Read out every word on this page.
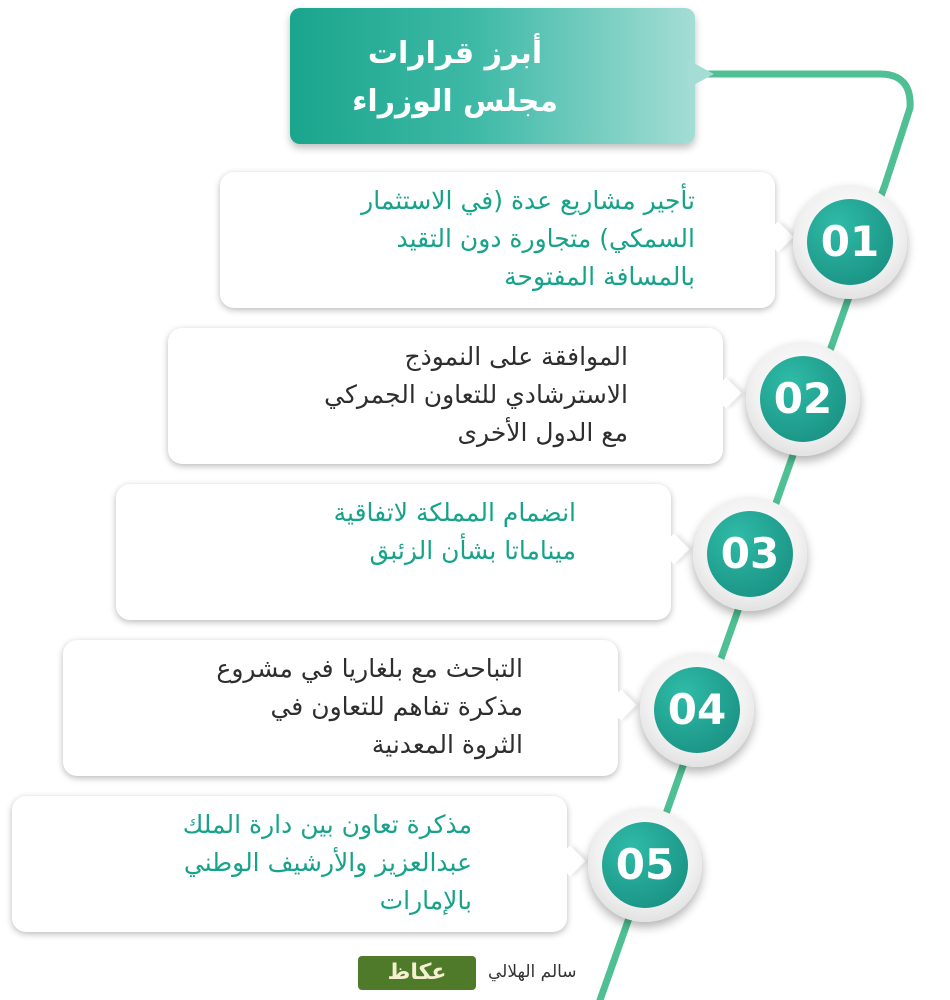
أبرز قرارات
مجلس الوزراء

تأجير مشاريع عدة (في الاستثمار
السمكي) متجاورة دون التقيد
بالمسافة المفتوحة

01

الموافقة على النموذج
الاسترشادي للتعاون الجمركي
مع الدول الأخرى

02

انضمام المملكة لاتفاقية
ميناماتا بشأن الزئبق	03

التباحث مع بلغاريا في مشروع
مذكرة تفاهم للتعاون في
الثروة المعدنية

04

مذكرة تعاون بين دارة الملك
عبدالعزيز والأرشيف الوطني
بالإمارات

05

سالم الهلالي

عكاظ
